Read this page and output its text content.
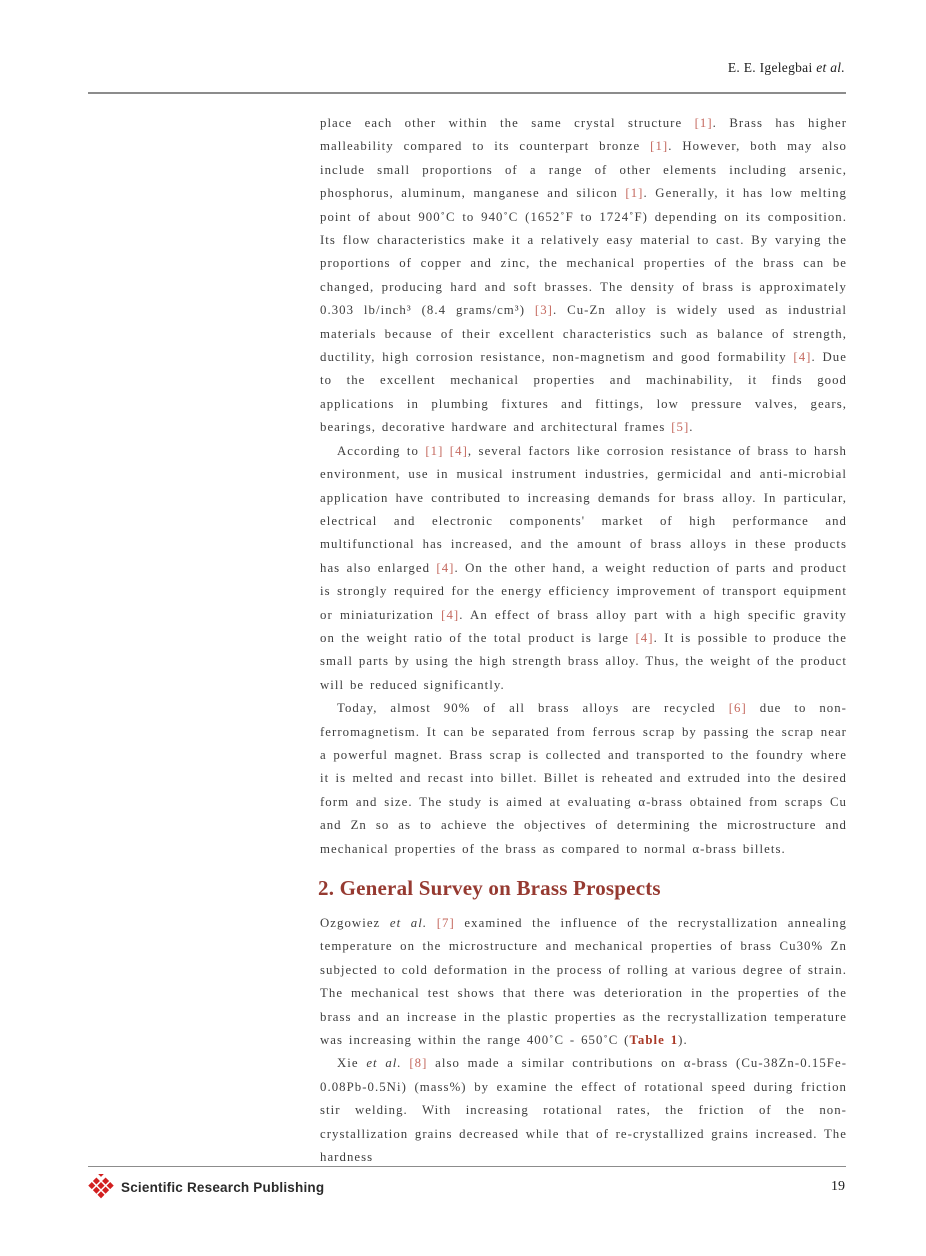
E. E. Igelegbai et al.

place each other within the same crystal structure [1]. Brass has higher malleability compared to its counterpart bronze [1]. However, both may also include small proportions of a range of other elements including arsenic, phosphorus, aluminum, manganese and silicon [1]. Generally, it has low melting point of about 900˚C to 940˚C (1652˚F to 1724˚F) depending on its composition. Its flow characteristics make it a relatively easy material to cast. By varying the proportions of copper and zinc, the mechanical properties of the brass can be changed, producing hard and soft brasses. The density of brass is approximately 0.303 lb/inch³ (8.4 grams/cm³) [3]. Cu-Zn alloy is widely used as industrial materials because of their excellent characteristics such as balance of strength, ductility, high corrosion resistance, non-magnetism and good formability [4]. Due to the excellent mechanical properties and machinability, it finds good applications in plumbing fixtures and fittings, low pressure valves, gears, bearings, decorative hardware and architectural frames [5].

According to [1] [4], several factors like corrosion resistance of brass to harsh environment, use in musical instrument industries, germicidal and anti-microbial application have contributed to increasing demands for brass alloy. In particular, electrical and electronic components' market of high performance and multifunctional has increased, and the amount of brass alloys in these products has also enlarged [4]. On the other hand, a weight reduction of parts and product is strongly required for the energy efficiency improvement of transport equipment or miniaturization [4]. An effect of brass alloy part with a high specific gravity on the weight ratio of the total product is large [4]. It is possible to produce the small parts by using the high strength brass alloy. Thus, the weight of the product will be reduced significantly.

Today, almost 90% of all brass alloys are recycled [6] due to non-ferromagnetism. It can be separated from ferrous scrap by passing the scrap near a powerful magnet. Brass scrap is collected and transported to the foundry where it is melted and recast into billet. Billet is reheated and extruded into the desired form and size. The study is aimed at evaluating α-brass obtained from scraps Cu and Zn so as to achieve the objectives of determining the microstructure and mechanical properties of the brass as compared to normal α-brass billets.

2. General Survey on Brass Prospects

Ozgowiez et al. [7] examined the influence of the recrystallization annealing temperature on the microstructure and mechanical properties of brass Cu30% Zn subjected to cold deformation in the process of rolling at various degree of strain. The mechanical test shows that there was deterioration in the properties of the brass and an increase in the plastic properties as the recrystallization temperature was increasing within the range 400˚C - 650˚C (Table 1).

Xie et al. [8] also made a similar contributions on α-brass (Cu-38Zn-0.15Fe-0.08Pb-0.5Ni) (mass%) by examine the effect of rotational speed during friction stir welding. With increasing rotational rates, the friction of the non-crystallization grains decreased while that of re-crystallized grains increased. The hardness

Scientific Research Publishing	19
